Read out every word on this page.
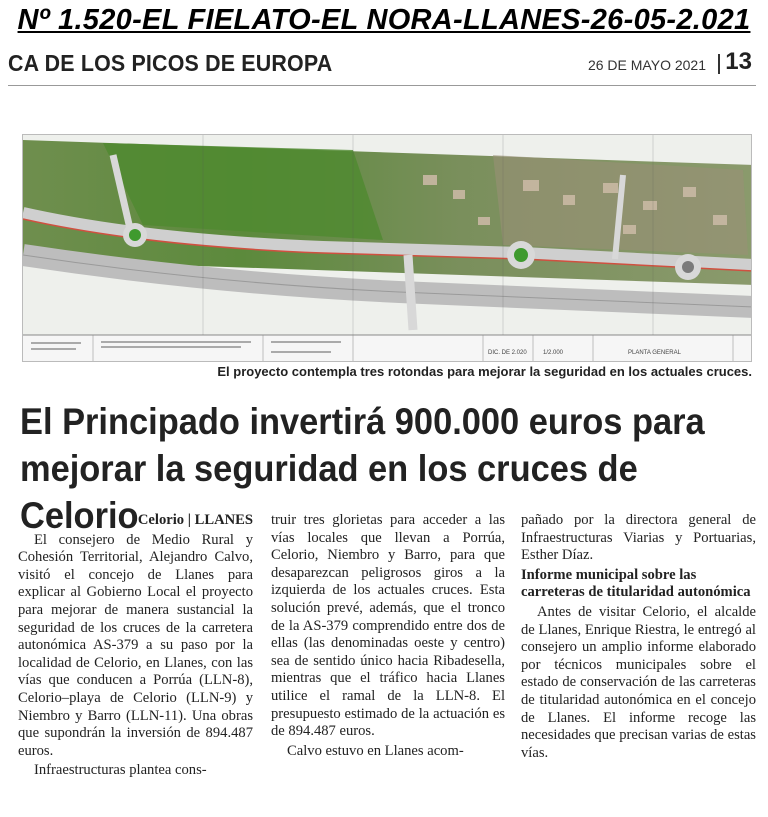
Nº 1.520-EL FIELATO-EL NORA-LLANES-26-05-2.021
CA DE LOS PICOS DE EUROPA	26 DE MAYO 2021 13
DIC. DE 2.020	1/2.000	PLANTA GENERAL
El proyecto contempla tres rotondas para mejorar la seguridad en los actuales cruces.
El Principado invertirá 900.000 euros para mejorar la seguridad en los cruces de Celorio Celorio | LLANES

El consejero de Medio Rural y Cohesión Territorial, Alejandro Calvo, visitó el concejo de Llanes para explicar al Gobierno Local el proyecto para mejorar de manera sustancial la seguridad de los cruces de la carretera autonómica AS-379 a su paso por la localidad de Celorio, en Llanes, con las vías que conducen a Porrúa (LLN-8), Celorio–playa de Celorio (LLN-9) y Niembro y Barro (LLN-11). Una obras que supondrán la inversión de 894.487 euros.

Infraestructuras plantea cons-

truir tres glorietas para acceder a las vías locales que llevan a Porrúa, Celorio, Niembro y Barro, para que desaparezcan peligrosos giros a la izquierda de los actuales cruces. Esta solución prevé, además, que el tronco de la AS-379 comprendido entre dos de ellas (las denominadas oeste y centro) sea de sentido único hacia Ribadesella, mientras que el tráfico hacia Llanes utilice el ramal de la LLN-8. El presupuesto estimado de la actuación es de 894.487 euros.

Calvo estuvo en Llanes acom-

pañado por la directora general de Infraestructuras Viarias y Portuarias, Esther Díaz.

Informe municipal sobre las carreteras de titularidad autonómica

Antes de visitar Celorio, el alcalde de Llanes, Enrique Riestra, le entregó al consejero un amplio informe elaborado por técnicos municipales sobre el estado de conservación de las carreteras de titularidad autonómica en el concejo de Llanes. El informe recoge las necesidades que precisan varias de estas vías.
